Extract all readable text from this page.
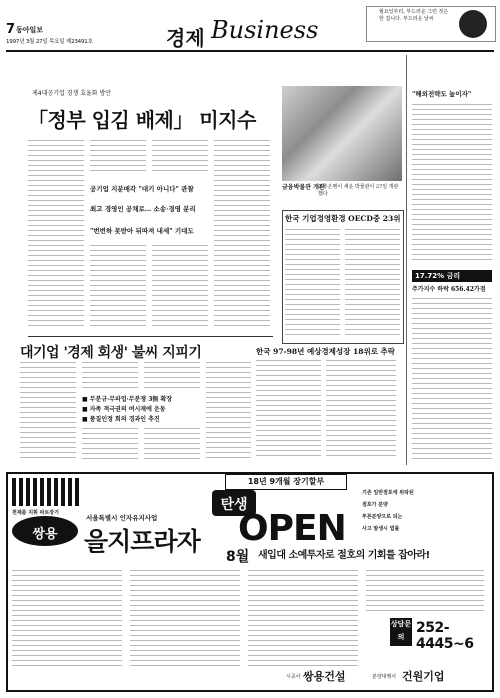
7 동아일보
1997년 3월 27일 목요일 제23491호	경제 Business
월요일부터, 부드러운 그런 것은 한 겁니다. 부드러운 날씨
제4대공기업 경쟁 효율화 방안
「정부 입김 배제」 미지수
공기업 지분매각 "대기 아니다" 관찰
최고 경영인 공채로… 소송·경영 분리
"번번하 못받아 뒤따져 내세" 기대도
금융박물관 개관
조흥은행이 세운 박물관이 27일 개관했다
한국 기업경영환경 OECD중 23위
한국 97-98년 예상경제성장 18위로 추락
대기업 '경제 회생' 불씨 지피기
■ 무분규·무파업·무분쟁 3無 확장
■ 자족 적극권의 여시재에 운동
■ 품질인정 회의 경과인 추진
"해외전략도 높이자"
17.72% 금리
주가지수 하락 656.42가점
18년 9개월 장기할부
천제를 지휘 파트장기
쌍용
서울특별시 인자유지사업
을지프라자
탄생
OPEN
8월 새입대 소예투자로 절호의 기회를 잡아라!
기존 일반점포에 위탁된
점포가 분양
투론분양으로 되는
사고 발생시 법률
상담문의
252-4445~6
시공사 쌍용건설	분양대행사 건원기업
